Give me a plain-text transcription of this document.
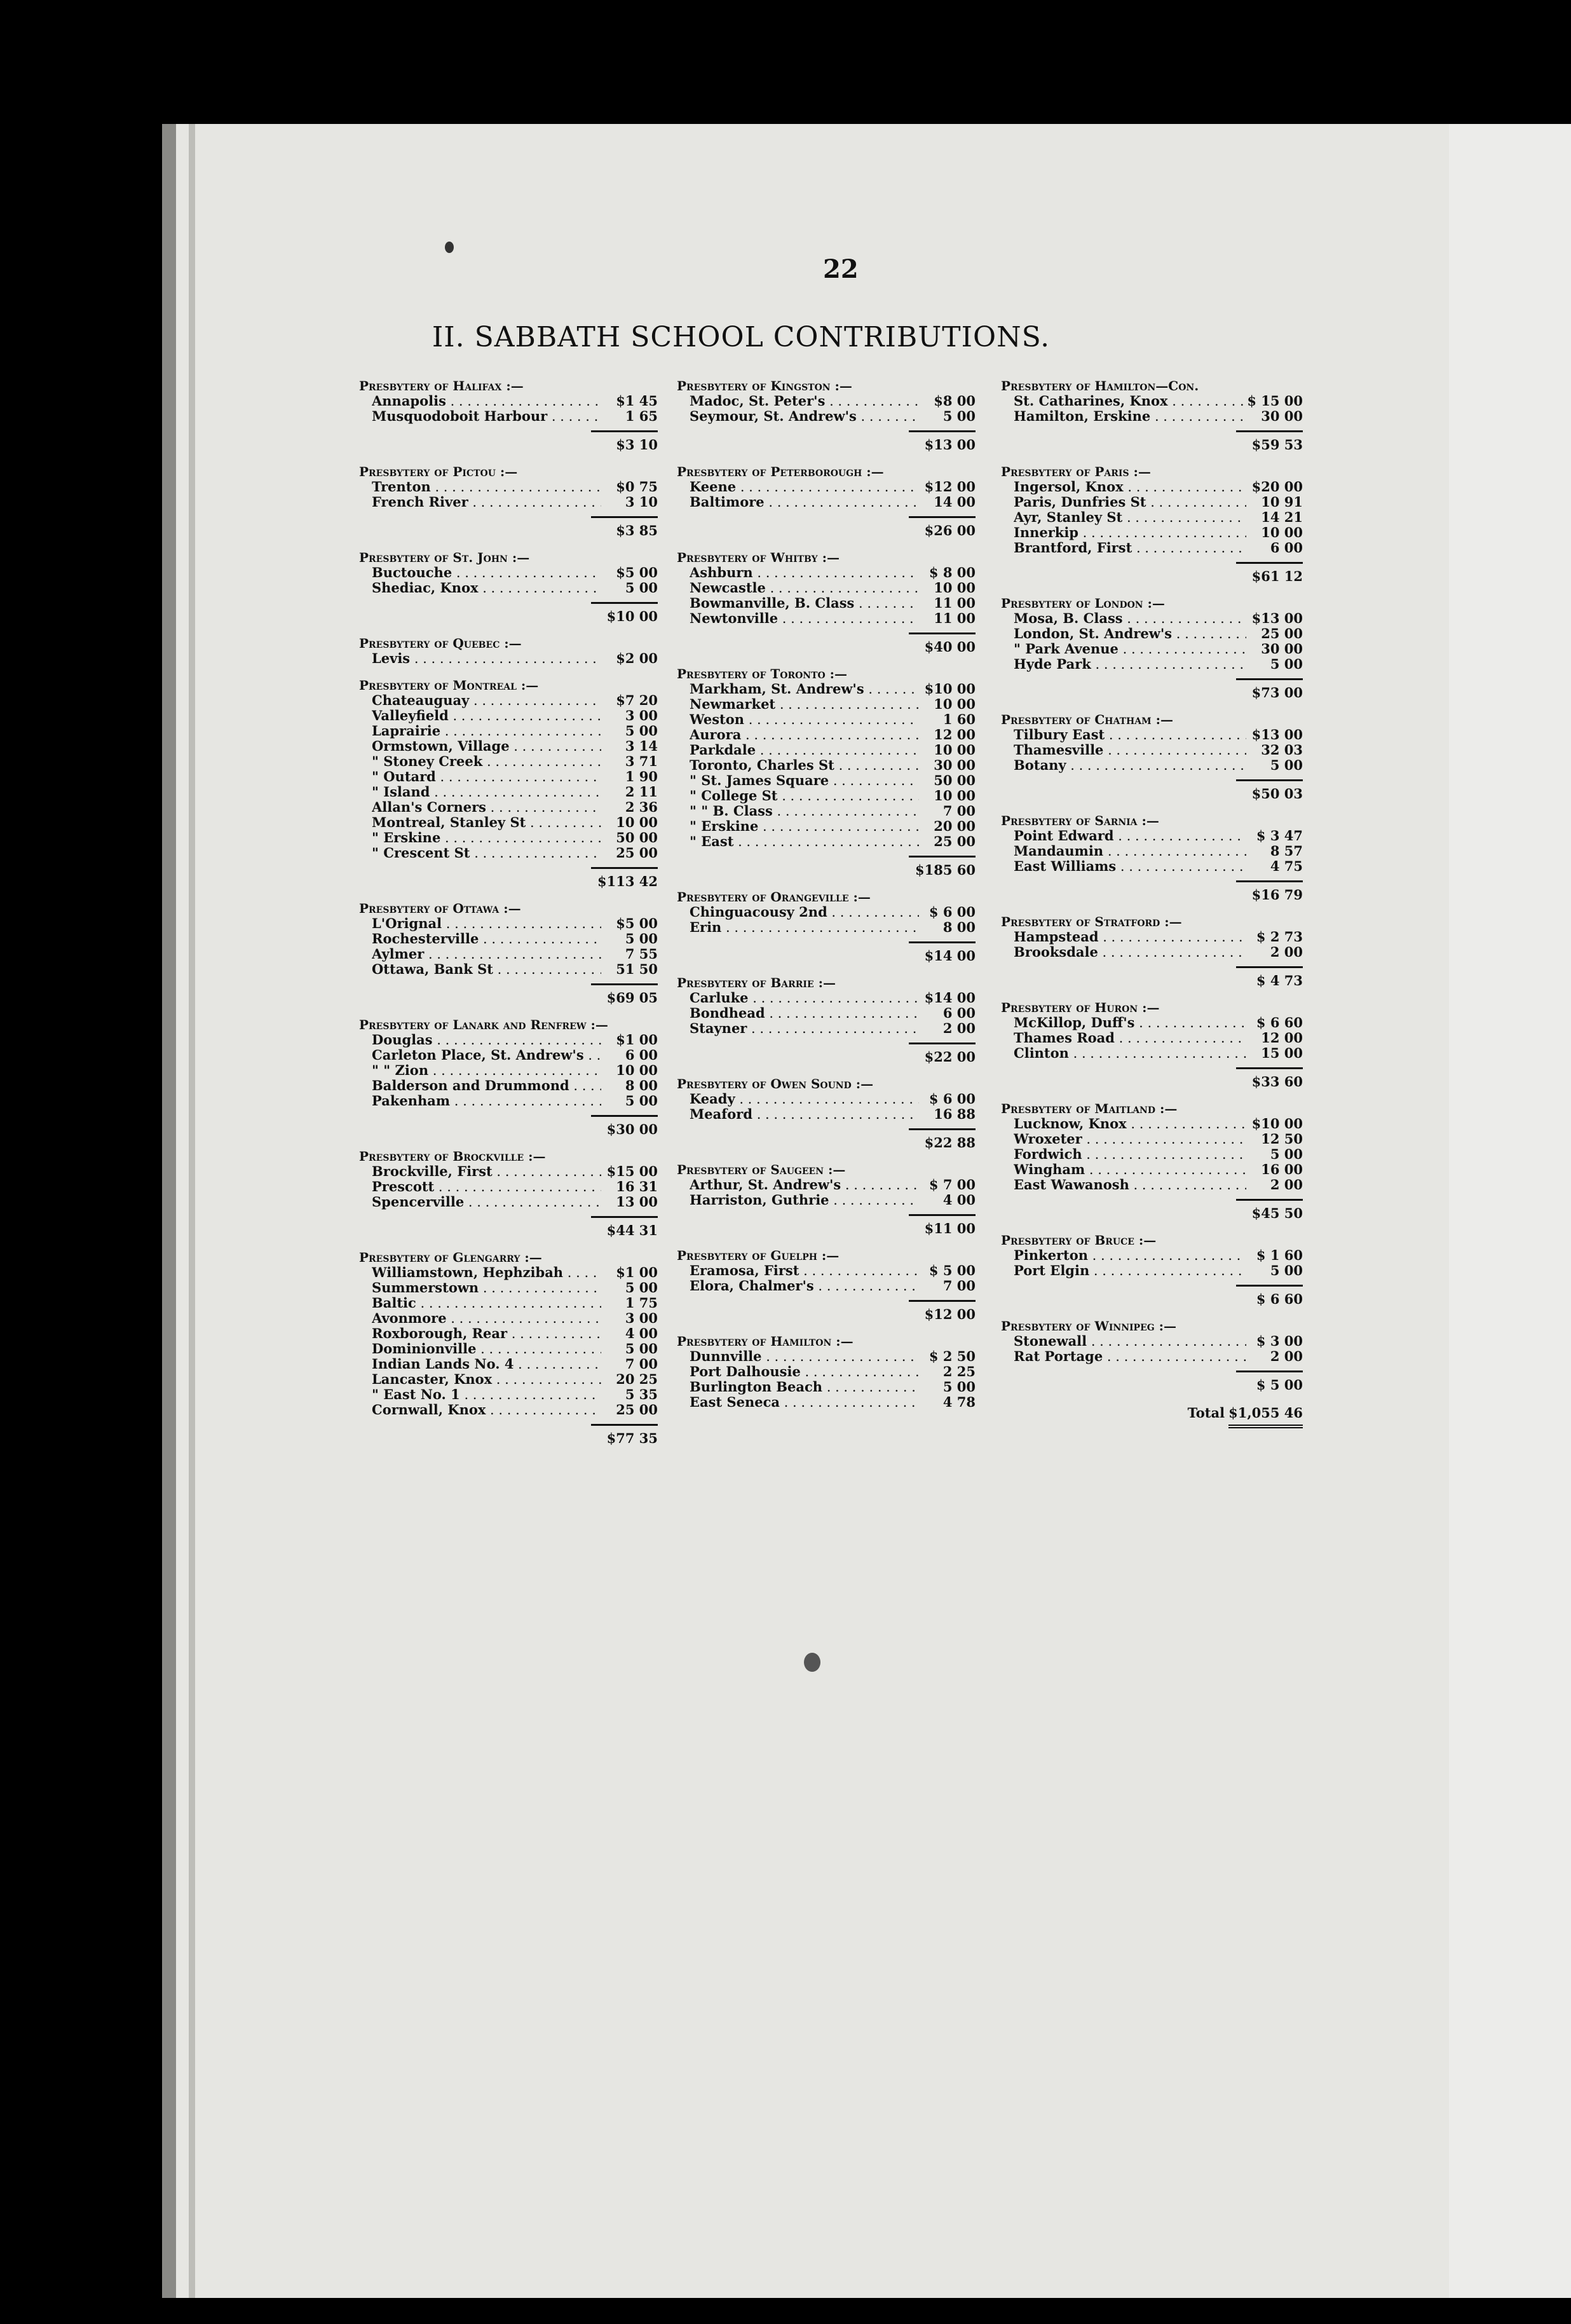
22
II. SABBATH SCHOOL CONTRIBUTIONS.
Presbytery of Halifax :—
Annapolis . . .	$1 45
Musquodoboit Harbour . . .	1 65
$3 10
Presbytery of Pictou :—
Trenton . . .	$0 75
French River . . .	3 10
$3 85
Presbytery of St. John :—
Buctouche . . .	$5 00
Shediac, Knox . . .	5 00
$10 00
Presbytery of Quebec :—
Levis . . .	$2 00
Presbytery of Montreal :—
Chateauguay . . .	$7 20
Valleyfield . . .	3 00
Laprairie . . .	5 00
Ormstown, Village . . .	3 14
" Stoney Creek . . .	3 71
" Outard . . .	1 90
" Island . . .	2 11
Allan's Corners . . .	2 36
Montreal, Stanley St . . .	10 00
" Erskine . . .	50 00
" Crescent St . . .	25 00
$113 42
Presbytery of Ottawa :—
L'Orignal . . .	$5 00
Rochesterville . . .	5 00
Aylmer . . .	7 55
Ottawa, Bank St . . .	51 50
$69 05
Presbytery of Lanark and Renfrew :—
Douglas . . .	$1 00
Carleton Place, St. Andrew's . . .	6 00
" " Zion . . .	10 00
Balderson and Drummond . . .	8 00
Pakenham . . .	5 00
$30 00
Presbytery of Brockville :—
Brockville, First . . .	$15 00
Prescott . . .	16 31
Spencerville . . .	13 00
$44 31
Presbytery of Glengarry :—
Williamstown, Hephzibah . . .	$1 00
Summerstown . . .	5 00
Baltic . . .	1 75
Avonmore . . .	3 00
Roxborough, Rear . . .	4 00
Dominionville . . .	5 00
Indian Lands No. 4 . . .	7 00
Lancaster, Knox . . .	20 25
" East No. 1 . . .	5 35
Cornwall, Knox . . .	25 00
$77 35
Presbytery of Kingston :—
Madoc, St. Peter's . . .	$8 00
Seymour, St. Andrew's . . .	5 00
$13 00
Presbytery of Peterborough :—
Keene . . .	$12 00
Baltimore . . .	14 00
$26 00
Presbytery of Whitby :—
Ashburn . . .	$ 8 00
Newcastle . . .	10 00
Bowmanville, B. Class . . .	11 00
Newtonville . . .	11 00
$40 00
Presbytery of Toronto :—
Markham, St. Andrew's . . .	$10 00
Newmarket . . .	10 00
Weston . . .	1 60
Aurora . . .	12 00
Parkdale . . .	10 00
Toronto, Charles St . . .	30 00
" St. James Square . . .	50 00
" College St . . .	10 00
" " B. Class . . .	7 00
" Erskine . . .	20 00
" East . . .	25 00
$185 60
Presbytery of Orangeville :—
Chinguacousy 2nd . . .	$ 6 00
Erin . . .	8 00
$14 00
Presbytery of Barrie :—
Carluke . . .	$14 00
Bondhead . . .	6 00
Stayner . . .	2 00
$22 00
Presbytery of Owen Sound :—
Keady . . .	$ 6 00
Meaford . . .	16 88
$22 88
Presbytery of Saugeen :—
Arthur, St. Andrew's . . .	$ 7 00
Harriston, Guthrie . . .	4 00
$11 00
Presbytery of Guelph :—
Eramosa, First . . .	$ 5 00
Elora, Chalmer's . . .	7 00
$12 00
Presbytery of Hamilton :—
Dunnville . . .	$ 2 50
Port Dalhousie . . .	2 25
Burlington Beach . . .	5 00
East Seneca . . .	4 78
Presbytery of Hamilton—Con.
St. Catharines, Knox . . .	$ 15 00
Hamilton, Erskine . . .	30 00
$59 53
Presbytery of Paris :—
Ingersol, Knox . . .	$20 00
Paris, Dunfries St . . .	10 91
Ayr, Stanley St . . .	14 21
Innerkip . . .	10 00
Brantford, First . . .	6 00
$61 12
Presbytery of London :—
Mosa, B. Class . . .	$13 00
London, St. Andrew's . . .	25 00
" Park Avenue . . .	30 00
Hyde Park . . .	5 00
$73 00
Presbytery of Chatham :—
Tilbury East . . .	$13 00
Thamesville . . .	32 03
Botany . . .	5 00
$50 03
Presbytery of Sarnia :—
Point Edward . . .	$ 3 47
Mandaumin . . .	8 57
East Williams . . .	4 75
$16 79
Presbytery of Stratford :—
Hampstead . . .	$ 2 73
Brooksdale . . .	2 00
$ 4 73
Presbytery of Huron :—
McKillop, Duff's . . .	$ 6 60
Thames Road . . .	12 00
Clinton . . .	15 00
$33 60
Presbytery of Maitland :—
Lucknow, Knox . . .	$10 00
Wroxeter . . .	12 50
Fordwich . . .	5 00
Wingham . . .	16 00
East Wawanosh . . .	2 00
$45 50
Presbytery of Bruce :—
Pinkerton . . .	$ 1 60
Port Elgin . . .	5 00
$ 6 60
Presbytery of Winnipeg :—
Stonewall . . .	$ 3 00
Rat Portage . . .	2 00
$ 5 00
Total $1,055 46
